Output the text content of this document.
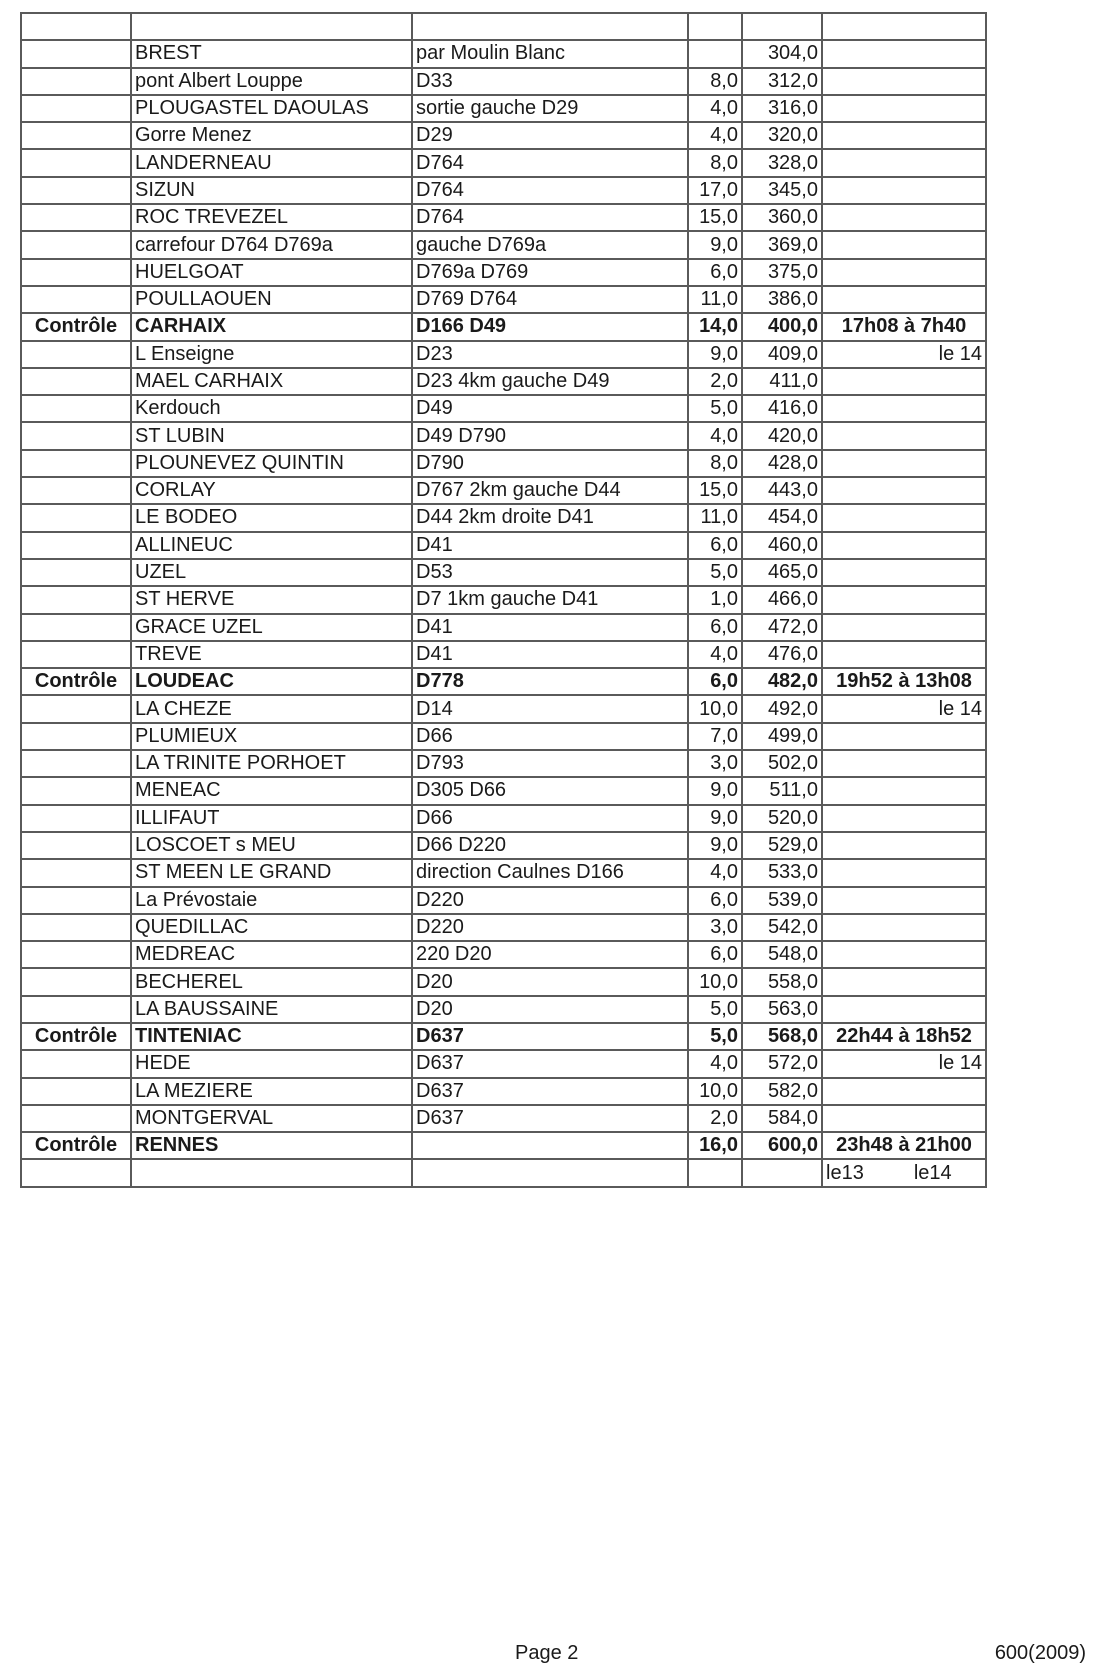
	BREST	par Moulin Blanc		304,0	
	pont Albert Louppe	D33	8,0	312,0	
	PLOUGASTEL DAOULAS	sortie gauche D29	4,0	316,0	
	Gorre Menez	D29	4,0	320,0	
	LANDERNEAU	D764	8,0	328,0	
	SIZUN	D764	17,0	345,0	
	ROC TREVEZEL	D764	15,0	360,0	
	carrefour D764 D769a	gauche D769a	9,0	369,0	
	HUELGOAT	D769a D769	6,0	375,0	
	POULLAOUEN	D769 D764	11,0	386,0	
Contrôle	CARHAIX	D166 D49	14,0	400,0	17h08 à 7h40
	L Enseigne	D23	9,0	409,0	le 14
	MAEL CARHAIX	D23 4km gauche D49	2,0	411,0	
	Kerdouch	D49	5,0	416,0	
	ST LUBIN	D49 D790	4,0	420,0	
	PLOUNEVEZ QUINTIN	D790	8,0	428,0	
	CORLAY	D767 2km gauche D44	15,0	443,0	
	LE BODEO	D44 2km droite D41	11,0	454,0	
	ALLINEUC	D41	6,0	460,0	
	UZEL	D53	5,0	465,0	
	ST HERVE	D7 1km gauche D41	1,0	466,0	
	GRACE UZEL	D41	6,0	472,0	
	TREVE	D41	4,0	476,0	
Contrôle	LOUDEAC	D778	6,0	482,0	19h52 à 13h08
	LA CHEZE	D14	10,0	492,0	le 14
	PLUMIEUX	D66	7,0	499,0	
	LA TRINITE PORHOET	D793	3,0	502,0	
	MENEAC	D305 D66	9,0	511,0	
	ILLIFAUT	D66	9,0	520,0	
	LOSCOET s MEU	D66 D220	9,0	529,0	
	ST MEEN LE GRAND	direction Caulnes D166	4,0	533,0	
	La Prévostaie	D220	6,0	539,0	
	QUEDILLAC	D220	3,0	542,0	
	MEDREAC	220 D20	6,0	548,0	
	BECHEREL	D20	10,0	558,0	
	LA BAUSSAINE	D20	5,0	563,0	
Contrôle	TINTENIAC	D637	5,0	568,0	22h44 à 18h52
	HEDE	D637	4,0	572,0	le 14
	LA MEZIERE	D637	10,0	582,0	
	MONTGERVAL	D637	2,0	584,0	
Contrôle	RENNES		16,0	600,0	23h48 à 21h00
					le13 le14
Page 2	600(2009)
